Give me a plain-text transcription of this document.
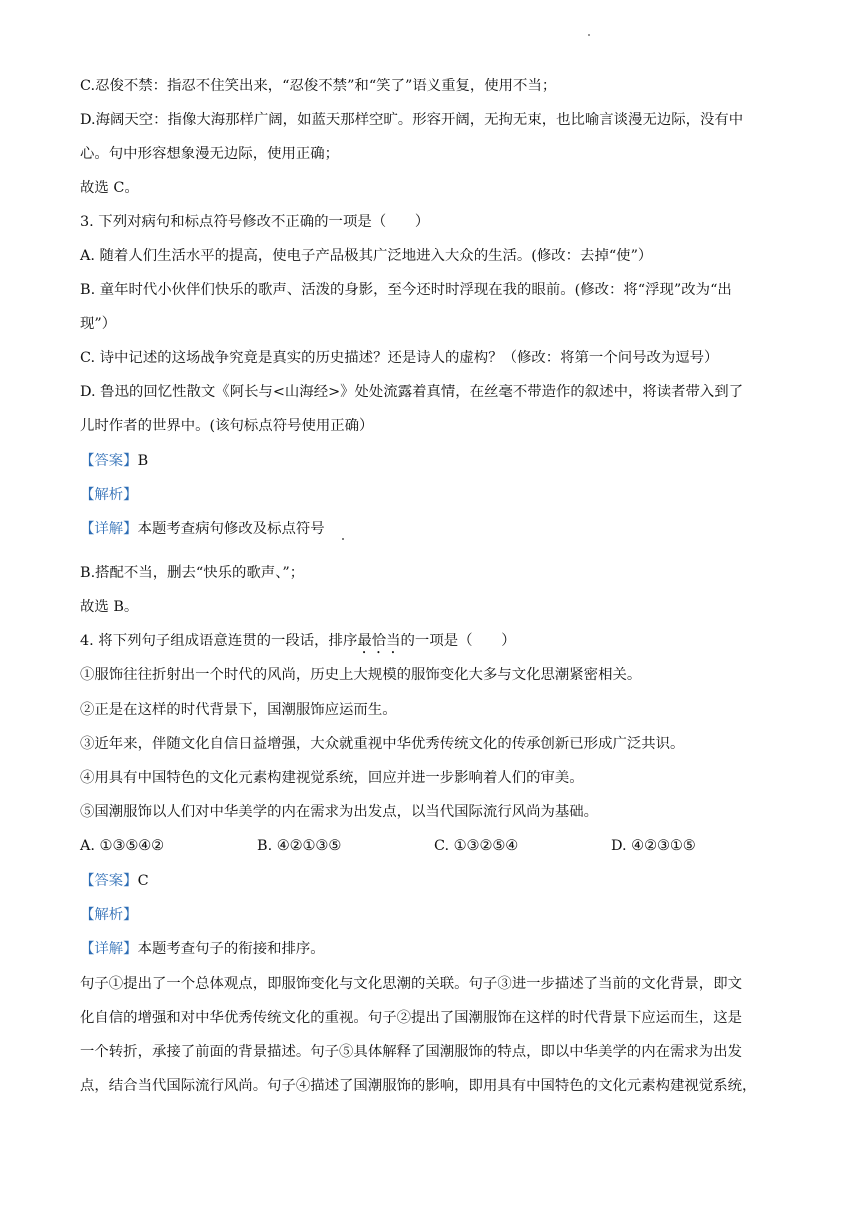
C.忍俊不禁：指忍不住笑出来，“忍俊不禁”和“笑了”语义重复，使用不当；
D.海阔天空：指像大海那样广阔，如蓝天那样空旷。形容开阔，无拘无束，也比喻言谈漫无边际，没有中
心。句中形容想象漫无边际，使用正确；
故选 C。
3. 下列对病句和标点符号修改不正确的一项是（　　）
A. 随着人们生活水平的提高，使电子产品极其广泛地进入大众的生活。(修改：去掉“使”）
B. 童年时代小伙伴们快乐的歌声、活泼的身影，至今还时时浮现在我的眼前。(修改：将“浮现”改为“出
现”）
C. 诗中记述的这场战争究竟是真实的历史描述？还是诗人的虚构？（修改：将第一个问号改为逗号）
D. 鲁迅的回忆性散文《阿长与<山海经>》处处流露着真情，在丝毫不带造作的叙述中，将读者带入到了
儿时作者的世界中。(该句标点符号使用正确）
【答案】B
【解析】
【详解】本题考查病句修改及标点符号
B.搭配不当，删去“快乐的歌声、”；
故选 B。
4. 将下列句子组成语意连贯的一段话，排序最恰当的一项是（　　）
①服饰往往折射出一个时代的风尚，历史上大规模的服饰变化大多与文化思潮紧密相关。
②正是在这样的时代背景下，国潮服饰应运而生。
③近年来，伴随文化自信日益增强，大众就重视中华优秀传统文化的传承创新已形成广泛共识。
④用具有中国特色的文化元素构建视觉系统，回应并进一步影响着人们的审美。
⑤国潮服饰以人们对中华美学的内在需求为出发点，以当代国际流行风尚为基础。
A. ①③⑤④②	B. ④②①③⑤	C. ①③②⑤④	D. ④②③①⑤
【答案】C
【解析】
【详解】本题考查句子的衔接和排序。
句子①提出了一个总体观点，即服饰变化与文化思潮的关联。句子③进一步描述了当前的文化背景，即文
化自信的增强和对中华优秀传统文化的重视。句子②提出了国潮服饰在这样的时代背景下应运而生，这是
一个转折，承接了前面的背景描述。句子⑤具体解释了国潮服饰的特点，即以中华美学的内在需求为出发
点，结合当代国际流行风尚。句子④描述了国潮服饰的影响，即用具有中国特色的文化元素构建视觉系统，
